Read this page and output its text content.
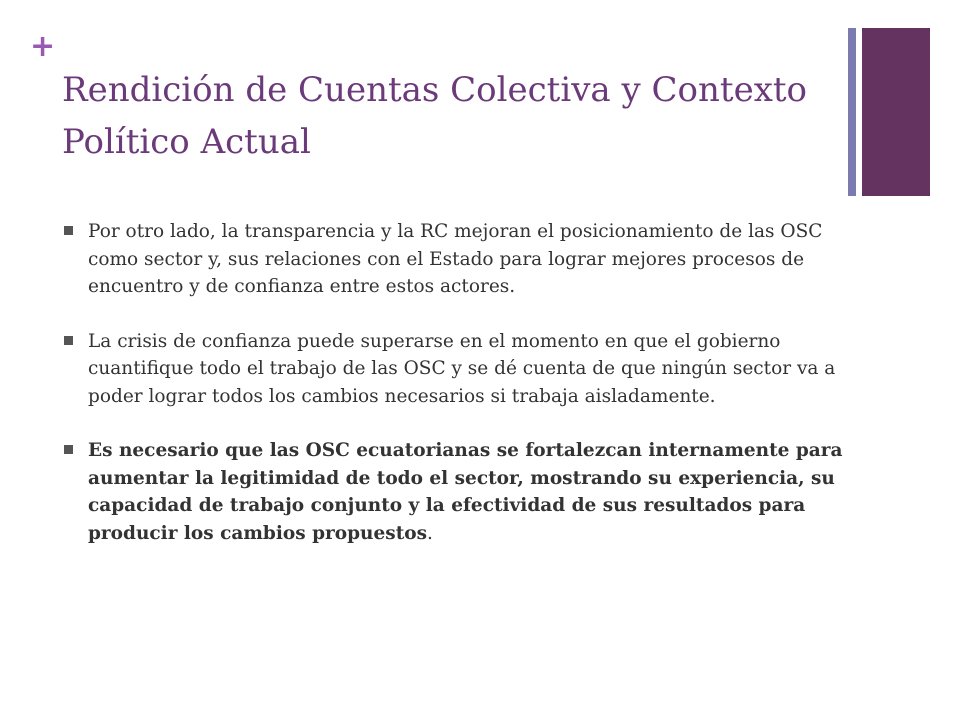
+
Rendición de Cuentas Colectiva y Contexto Político Actual
Por otro lado, la transparencia y la RC mejoran el posicionamiento de las OSC como sector y, sus relaciones con el Estado para lograr mejores procesos de encuentro y de confianza entre estos actores.
La crisis de confianza puede superarse en el momento en que el gobierno cuantifique todo el trabajo de las OSC y se dé cuenta de que ningún sector va a poder lograr todos los cambios necesarios si trabaja aisladamente.
Es necesario que las OSC ecuatorianas se fortalezcan internamente para aumentar la legitimidad de todo el sector, mostrando su experiencia, su capacidad de trabajo conjunto y la efectividad de sus resultados para producir los cambios propuestos.
